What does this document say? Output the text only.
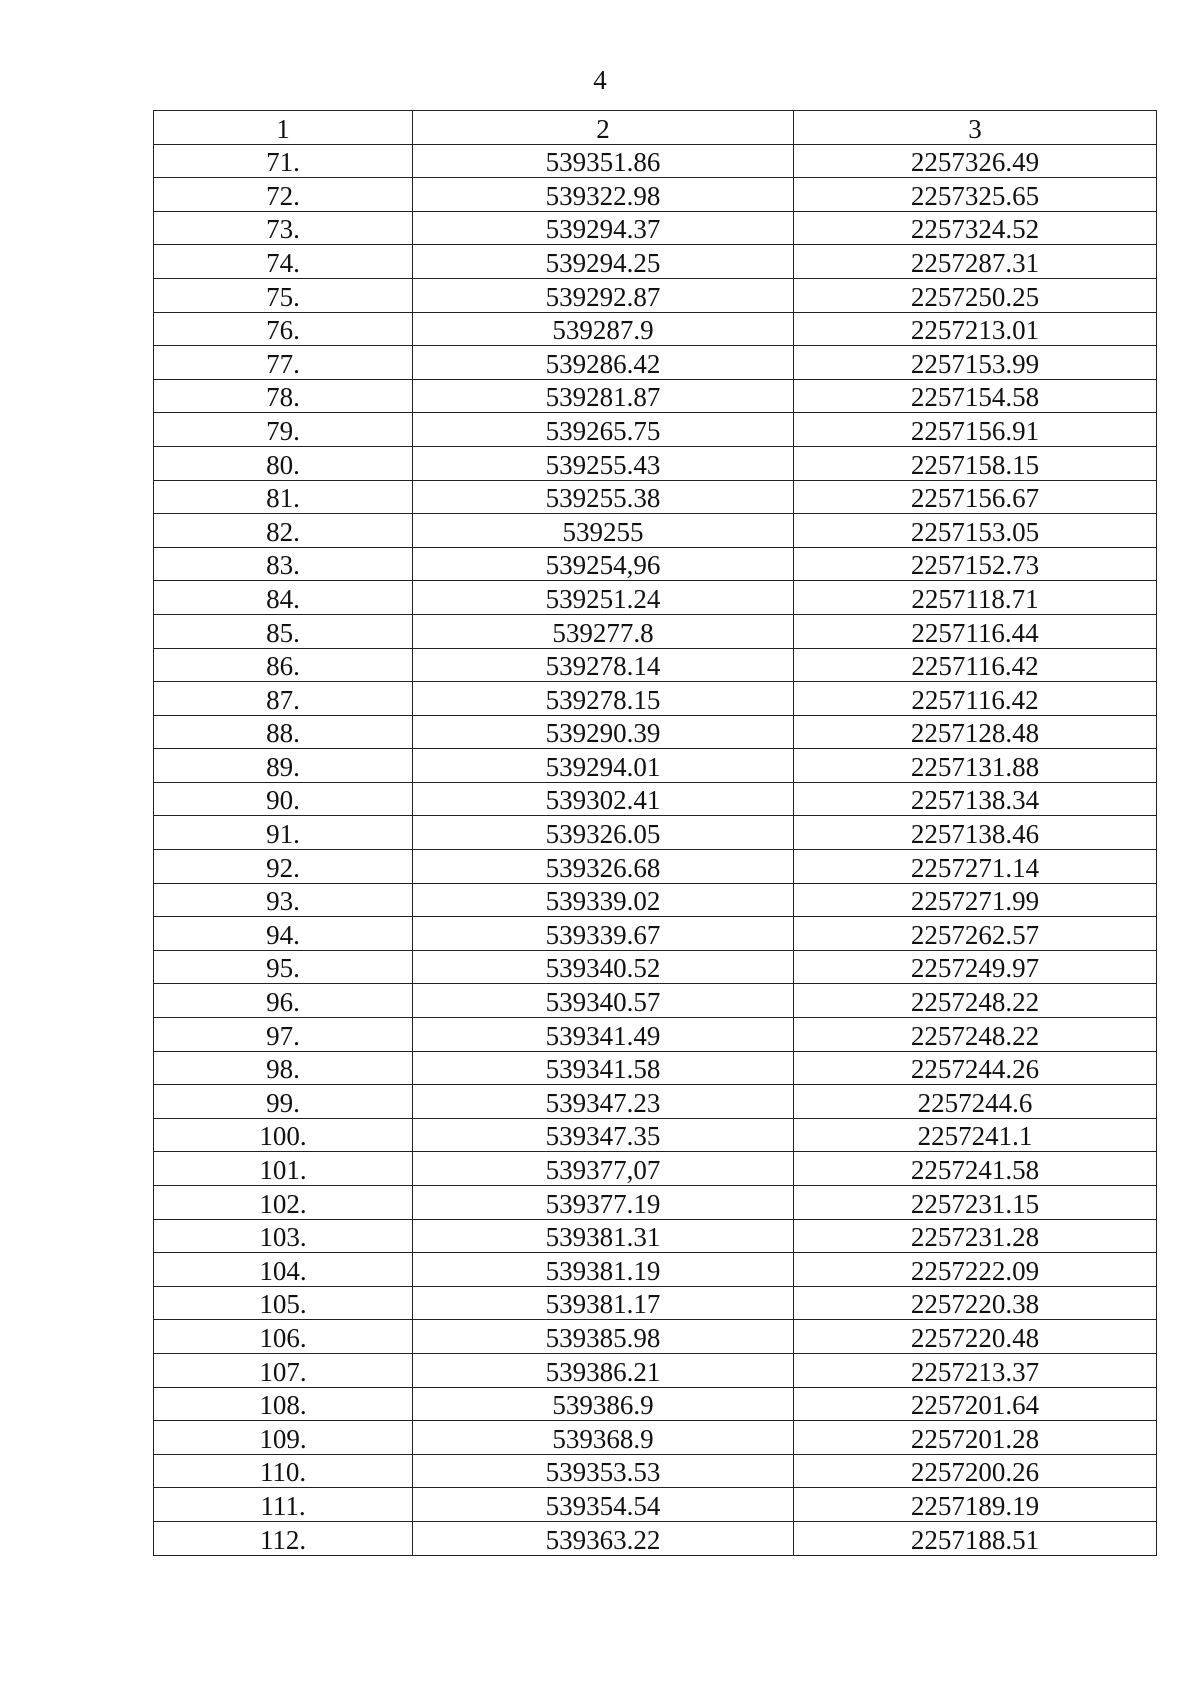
4
1	2	3
71.	539351.86	2257326.49
72.	539322.98	2257325.65
73.	539294.37	2257324.52
74.	539294.25	2257287.31
75.	539292.87	2257250.25
76.	539287.9	2257213.01
77.	539286.42	2257153.99
78.	539281.87	2257154.58
79.	539265.75	2257156.91
80.	539255.43	2257158.15
81.	539255.38	2257156.67
82.	539255	2257153.05
83.	539254,96	2257152.73
84.	539251.24	2257118.71
85.	539277.8	2257116.44
86.	539278.14	2257116.42
87.	539278.15	2257116.42
88.	539290.39	2257128.48
89.	539294.01	2257131.88
90.	539302.41	2257138.34
91.	539326.05	2257138.46
92.	539326.68	2257271.14
93.	539339.02	2257271.99
94.	539339.67	2257262.57
95.	539340.52	2257249.97
96.	539340.57	2257248.22
97.	539341.49	2257248.22
98.	539341.58	2257244.26
99.	539347.23	2257244.6
100.	539347.35	2257241.1
101.	539377,07	2257241.58
102.	539377.19	2257231.15
103.	539381.31	2257231.28
104.	539381.19	2257222.09
105.	539381.17	2257220.38
106.	539385.98	2257220.48
107.	539386.21	2257213.37
108.	539386.9	2257201.64
109.	539368.9	2257201.28
110.	539353.53	2257200.26
111.	539354.54	2257189.19
112.	539363.22	2257188.51
